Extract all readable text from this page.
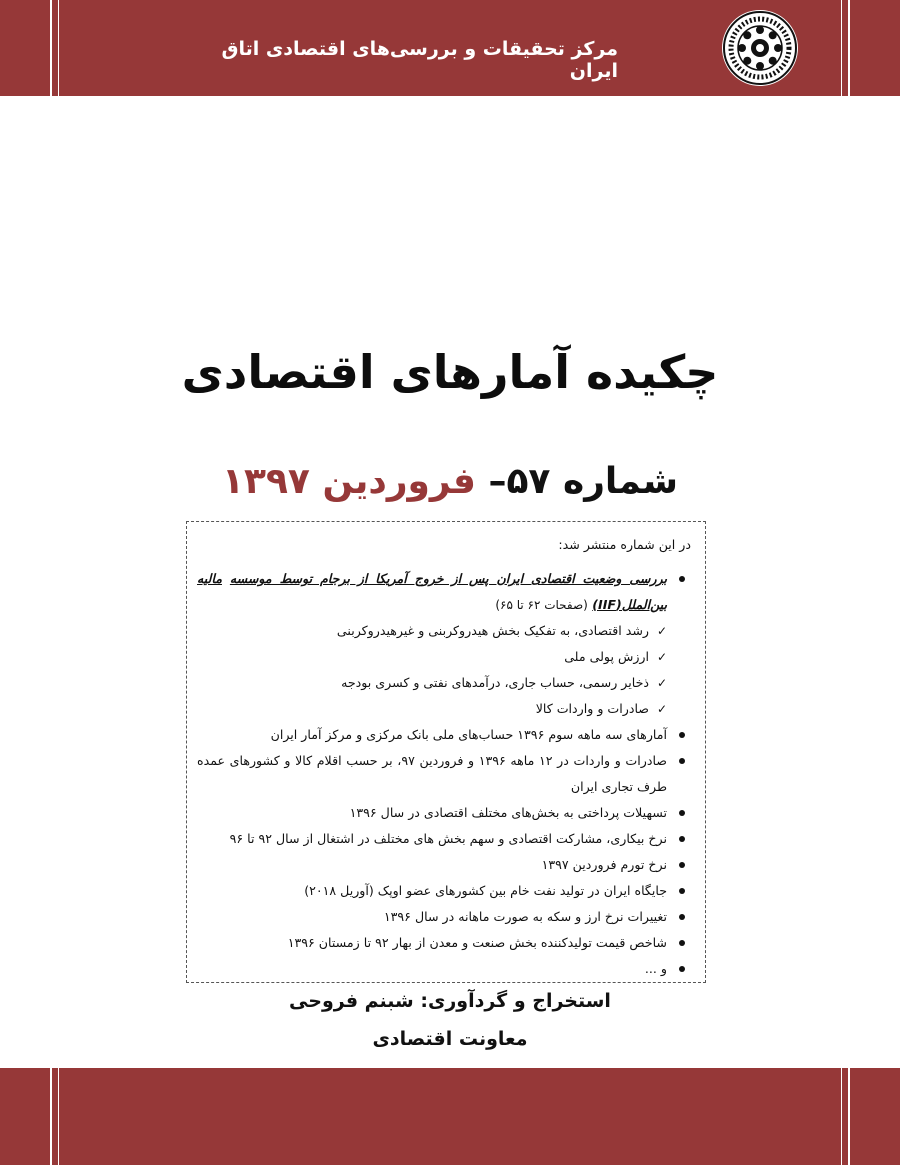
مرکز تحقیقات و بررسی‌های اقتصادی اتاق ایران
چکیده آمارهای اقتصادی
شماره ۵۷– فروردین ۱۳۹۷
در این شماره منتشر شد:
بررسی وضعیت اقتصادی ایران پس از خروج آمریکا از برجام توسط موسسه مالیه بین‌الملل(IIF) (صفحات ۶۲ تا ۶۵)
✓
رشد اقتصادی، به تفکیک بخش هیدروکربنی و غیرهیدروکربنی
✓
ارزش پولی ملی
✓
ذخایر رسمی، حساب جاری، درآمدهای نفتی و کسری بودجه
✓
صادرات و واردات کالا
آمارهای سه ماهه سوم ۱۳۹۶ حساب‌های ملی بانک مرکزی و مرکز آمار ایران
صادرات و واردات در ۱۲ ماهه ۱۳۹۶ و فروردین ۹۷، بر حسب اقلام کالا و کشورهای عمده طرف تجاری ایران
تسهیلات پرداختی به بخش‌های مختلف اقتصادی در سال ۱۳۹۶
نرخ بیکاری، مشارکت اقتصادی و سهم بخش های مختلف در اشتغال از سال ۹۲ تا ۹۶
نرخ تورم فروردین ۱۳۹۷
جایگاه ایران در تولید نفت خام بین کشورهای عضو اوپک (آوریل ۲۰۱۸)
تغییرات نرخ ارز و سکه به صورت ماهانه در سال ۱۳۹۶
شاخص قیمت تولیدکننده بخش صنعت و معدن از بهار ۹۲ تا زمستان ۱۳۹۶
و ...
استخراج و گردآوری: شبنم فروحی
معاونت اقتصادی
